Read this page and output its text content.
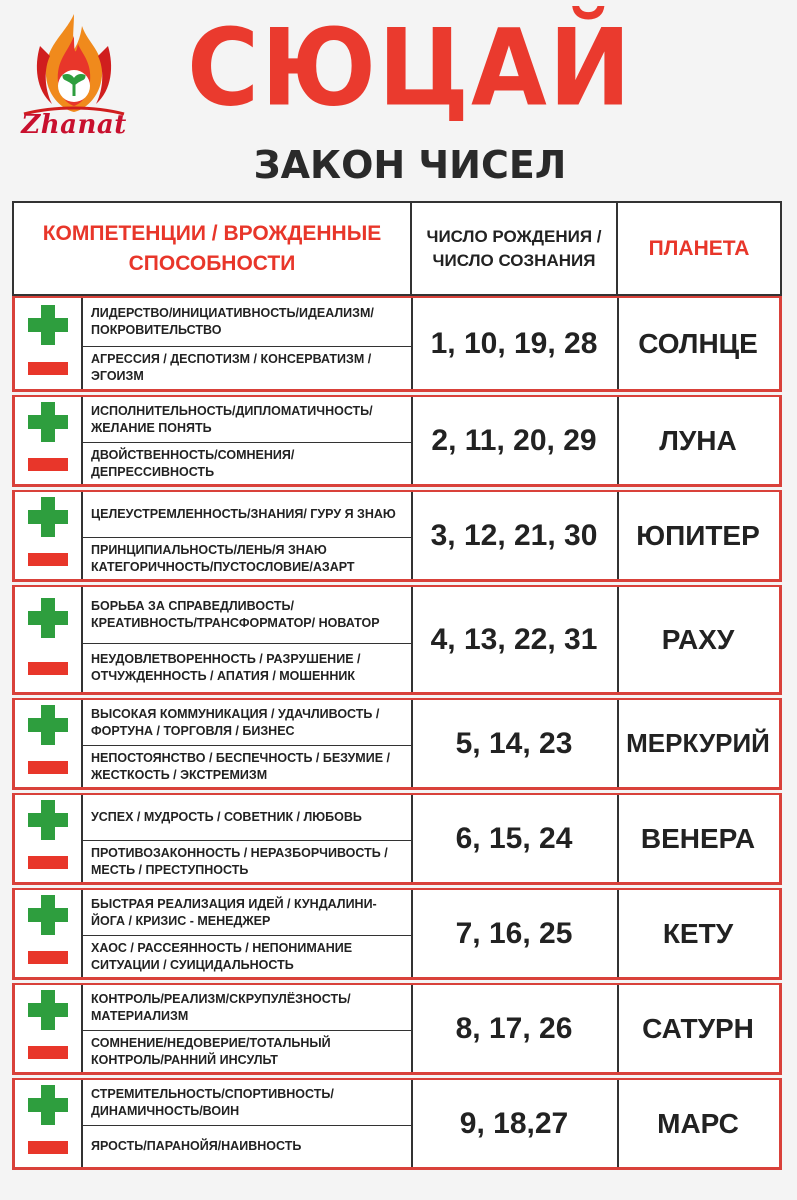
Zhanat СЮЦАЙ
ЗАКОН ЧИСЕЛ
КОМПЕТЕНЦИИ / ВРОЖДЕННЫЕ СПОСОБНОСТИ
ЧИСЛО РОЖДЕНИЯ / ЧИСЛО СОЗНАНИЯ
ПЛАНЕТА
ЛИДЕРСТВО/ИНИЦИАТИВНОСТЬ/ИДЕАЛИЗМ/ ПОКРОВИТЕЛЬСТВО
АГРЕССИЯ / ДЕСПОТИЗМ / КОНСЕРВАТИЗМ / ЭГОИЗМ
1, 10, 19, 28	СОЛНЦЕ
ИСПОЛНИТЕЛЬНОСТЬ/ДИПЛОМАТИЧНОСТЬ/ ЖЕЛАНИЕ ПОНЯТЬ
ДВОЙСТВЕННОСТЬ/СОМНЕНИЯ/ ДЕПРЕССИВНОСТЬ
2, 11, 20, 29	ЛУНА
ЦЕЛЕУСТРЕМЛЕННОСТЬ/ЗНАНИЯ/ ГУРУ Я ЗНАЮ
ПРИНЦИПИАЛЬНОСТЬ/ЛЕНЬ/Я ЗНАЮ КАТЕГОРИЧНОСТЬ/ПУСТОСЛОВИЕ/АЗАРТ
3, 12, 21, 30	ЮПИТЕР
БОРЬБА ЗА СПРАВЕДЛИВОСТЬ/ КРЕАТИВНОСТЬ/ТРАНСФОРМАТОР/ НОВАТОР
НЕУДОВЛЕТВОРЕННОСТЬ / РАЗРУШЕНИЕ / ОТЧУЖДЕННОСТЬ / АПАТИЯ / МОШЕННИК
4, 13, 22, 31	РАХУ
ВЫСОКАЯ КОММУНИКАЦИЯ / УДАЧЛИВОСТЬ / ФОРТУНА / ТОРГОВЛЯ / БИЗНЕС
НЕПОСТОЯНСТВО / БЕСПЕЧНОСТЬ / БЕЗУМИЕ / ЖЕСТКОСТЬ / ЭКСТРЕМИЗМ
5, 14, 23	МЕРКУРИЙ
УСПЕХ / МУДРОСТЬ / СОВЕТНИК / ЛЮБОВЬ
ПРОТИВОЗАКОННОСТЬ / НЕРАЗБОРЧИВОСТЬ / МЕСТЬ / ПРЕСТУПНОСТЬ
6, 15, 24	ВЕНЕРА
БЫСТРАЯ РЕАЛИЗАЦИЯ ИДЕЙ / КУНДАЛИНИ- ЙОГА / КРИЗИС - МЕНЕДЖЕР
ХАОС / РАССЕЯННОСТЬ / НЕПОНИМАНИЕ СИТУАЦИИ / СУИЦИДАЛЬНОСТЬ
7, 16, 25	КЕТУ
КОНТРОЛЬ/РЕАЛИЗМ/СКРУПУЛЁЗНОСТЬ/ МАТЕРИАЛИЗМ
СОМНЕНИЕ/НЕДОВЕРИЕ/ТОТАЛЬНЫЙ КОНТРОЛЬ/РАННИЙ ИНСУЛЬТ
8, 17, 26	САТУРН
СТРЕМИТЕЛЬНОСТЬ/СПОРТИВНОСТЬ/ ДИНАМИЧНОСТЬ/ВОИН
ЯРОСТЬ/ПАРАНОЙЯ/НАИВНОСТЬ
9, 18,27	МАРС
